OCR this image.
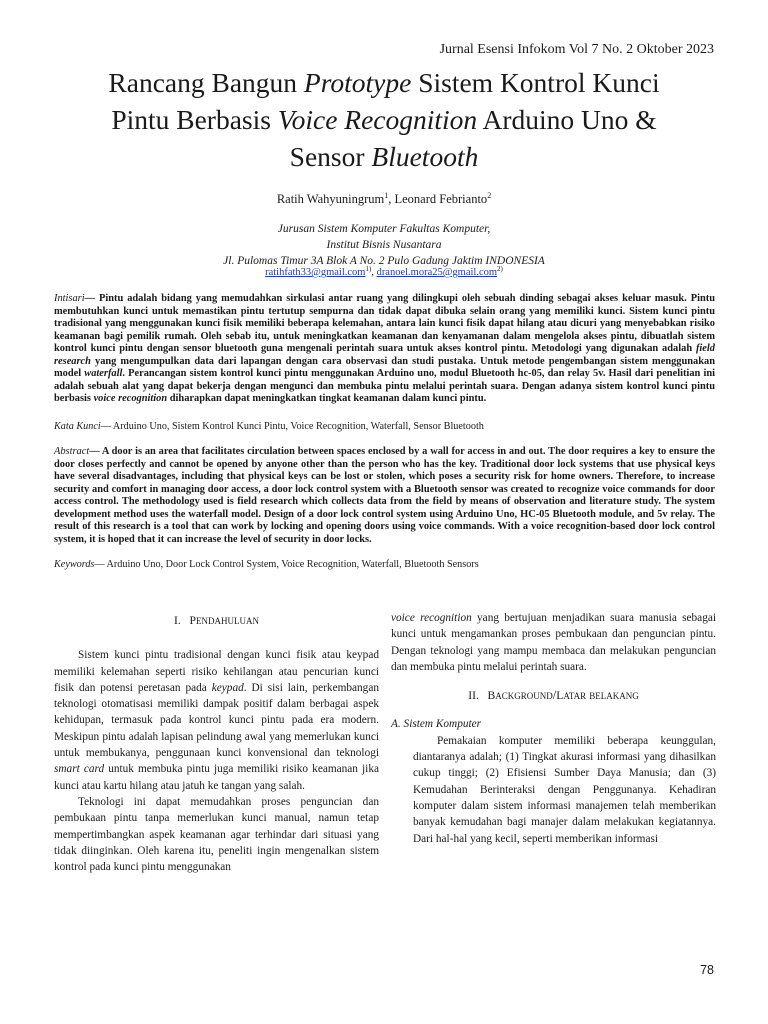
Jurnal Esensi Infokom Vol 7 No. 2 Oktober 2023
Rancang Bangun Prototype Sistem Kontrol Kunci
Pintu Berbasis Voice Recognition Arduino Uno &
Sensor Bluetooth
Ratih Wahyuningrum$^1$, Leonard Febrianto$^2$
Jurusan Sistem Komputer Fakultas Komputer,
Institut Bisnis Nusantara
Jl. Pulomas Timur 3A Blok A No. 2 Pulo Gadung Jaktim INDONESIA
ratihfath33@gmail.com$^{1)}$, dranoel.mora25@gmail.com$^{2)}$
Intisari— Pintu adalah bidang yang memudahkan sirkulasi antar ruang yang dilingkupi oleh sebuah dinding sebagai akses keluar masuk. Pintu membutuhkan kunci untuk memastikan pintu tertutup sempurna dan tidak dapat dibuka selain orang yang memiliki kunci. Sistem kunci pintu tradisional yang menggunakan kunci fisik memiliki beberapa kelemahan, antara lain kunci fisik dapat hilang atau dicuri yang menyebabkan risiko keamanan bagi pemilik rumah. Oleh sebab itu, untuk meningkatkan keamanan dan kenyamanan dalam mengelola akses pintu, dibuatlah sistem kontrol kunci pintu dengan sensor bluetooth guna mengenali perintah suara untuk akses kontrol pintu. Metodologi yang digunakan adalah field research yang mengumpulkan data dari lapangan dengan cara observasi dan studi pustaka. Untuk metode pengembangan sistem menggunakan model waterfall. Perancangan sistem kontrol kunci pintu menggunakan Arduino uno, modul Bluetooth hc-05, dan relay 5v. Hasil dari penelitian ini adalah sebuah alat yang dapat bekerja dengan mengunci dan membuka pintu melalui perintah suara. Dengan adanya sistem kontrol kunci pintu berbasis voice recognition diharapkan dapat meningkatkan tingkat keamanan dalam kunci pintu.
Kata Kunci— Arduino Uno, Sistem Kontrol Kunci Pintu, Voice Recognition, Waterfall, Sensor Bluetooth
Abstract— A door is an area that facilitates circulation between spaces enclosed by a wall for access in and out. The door requires a key to ensure the door closes perfectly and cannot be opened by anyone other than the person who has the key. Traditional door lock systems that use physical keys have several disadvantages, including that physical keys can be lost or stolen, which poses a security risk for home owners. Therefore, to increase security and comfort in managing door access, a door lock control system with a Bluetooth sensor was created to recognize voice commands for door access control. The methodology used is field research which collects data from the field by means of observation and literature study. The system development method uses the waterfall model. Design of a door lock control system using Arduino Uno, HC-05 Bluetooth module, and 5v relay. The result of this research is a tool that can work by locking and opening doors using voice commands. With a voice recognition-based door lock control system, it is hoped that it can increase the level of security in door locks.
Keywords— Arduino Uno, Door Lock Control System, Voice Recognition, Waterfall, Bluetooth Sensors
I. Pendahuluan

Sistem kunci pintu tradisional dengan kunci fisik atau keypad memiliki kelemahan seperti risiko kehilangan atau pencurian kunci fisik dan potensi peretasan pada keypad. Di sisi lain, perkembangan teknologi otomatisasi memiliki dampak positif dalam berbagai aspek kehidupan, termasuk pada kontrol kunci pintu pada era modern. Meskipun pintu adalah lapisan pelindung awal yang memerlukan kunci untuk membukanya, penggunaan kunci konvensional dan teknologi smart card untuk membuka pintu juga memiliki risiko keamanan jika kunci atau kartu hilang atau jatuh ke tangan yang salah.

Teknologi ini dapat memudahkan proses penguncian dan pembukaan pintu tanpa memerlukan kunci manual, namun tetap mempertimbangkan aspek keamanan agar terhindar dari situasi yang tidak diinginkan. Oleh karena itu, peneliti ingin mengenalkan sistem kontrol pada kunci pintu menggunakan

voice recognition yang bertujuan menjadikan suara manusia sebagai kunci untuk mengamankan proses pembukaan dan penguncian pintu. Dengan teknologi yang mampu membaca dan melakukan penguncian dan membuka pintu melalui perintah suara.

II. Background/Latar belakang
A. Sistem Komputer

Pemakaian komputer memiliki beberapa keunggulan, diantaranya adalah; (1) Tingkat akurasi informasi yang dihasilkan cukup tinggi; (2) Efisiensi Sumber Daya Manusia; dan (3) Kemudahan Berinteraksi dengan Penggunanya. Kehadiran komputer dalam sistem informasi manajemen telah memberikan banyak kemudahan bagi manajer dalam melakukan kegiatannya. Dari hal-hal yang kecil, seperti memberikan informasi

78
